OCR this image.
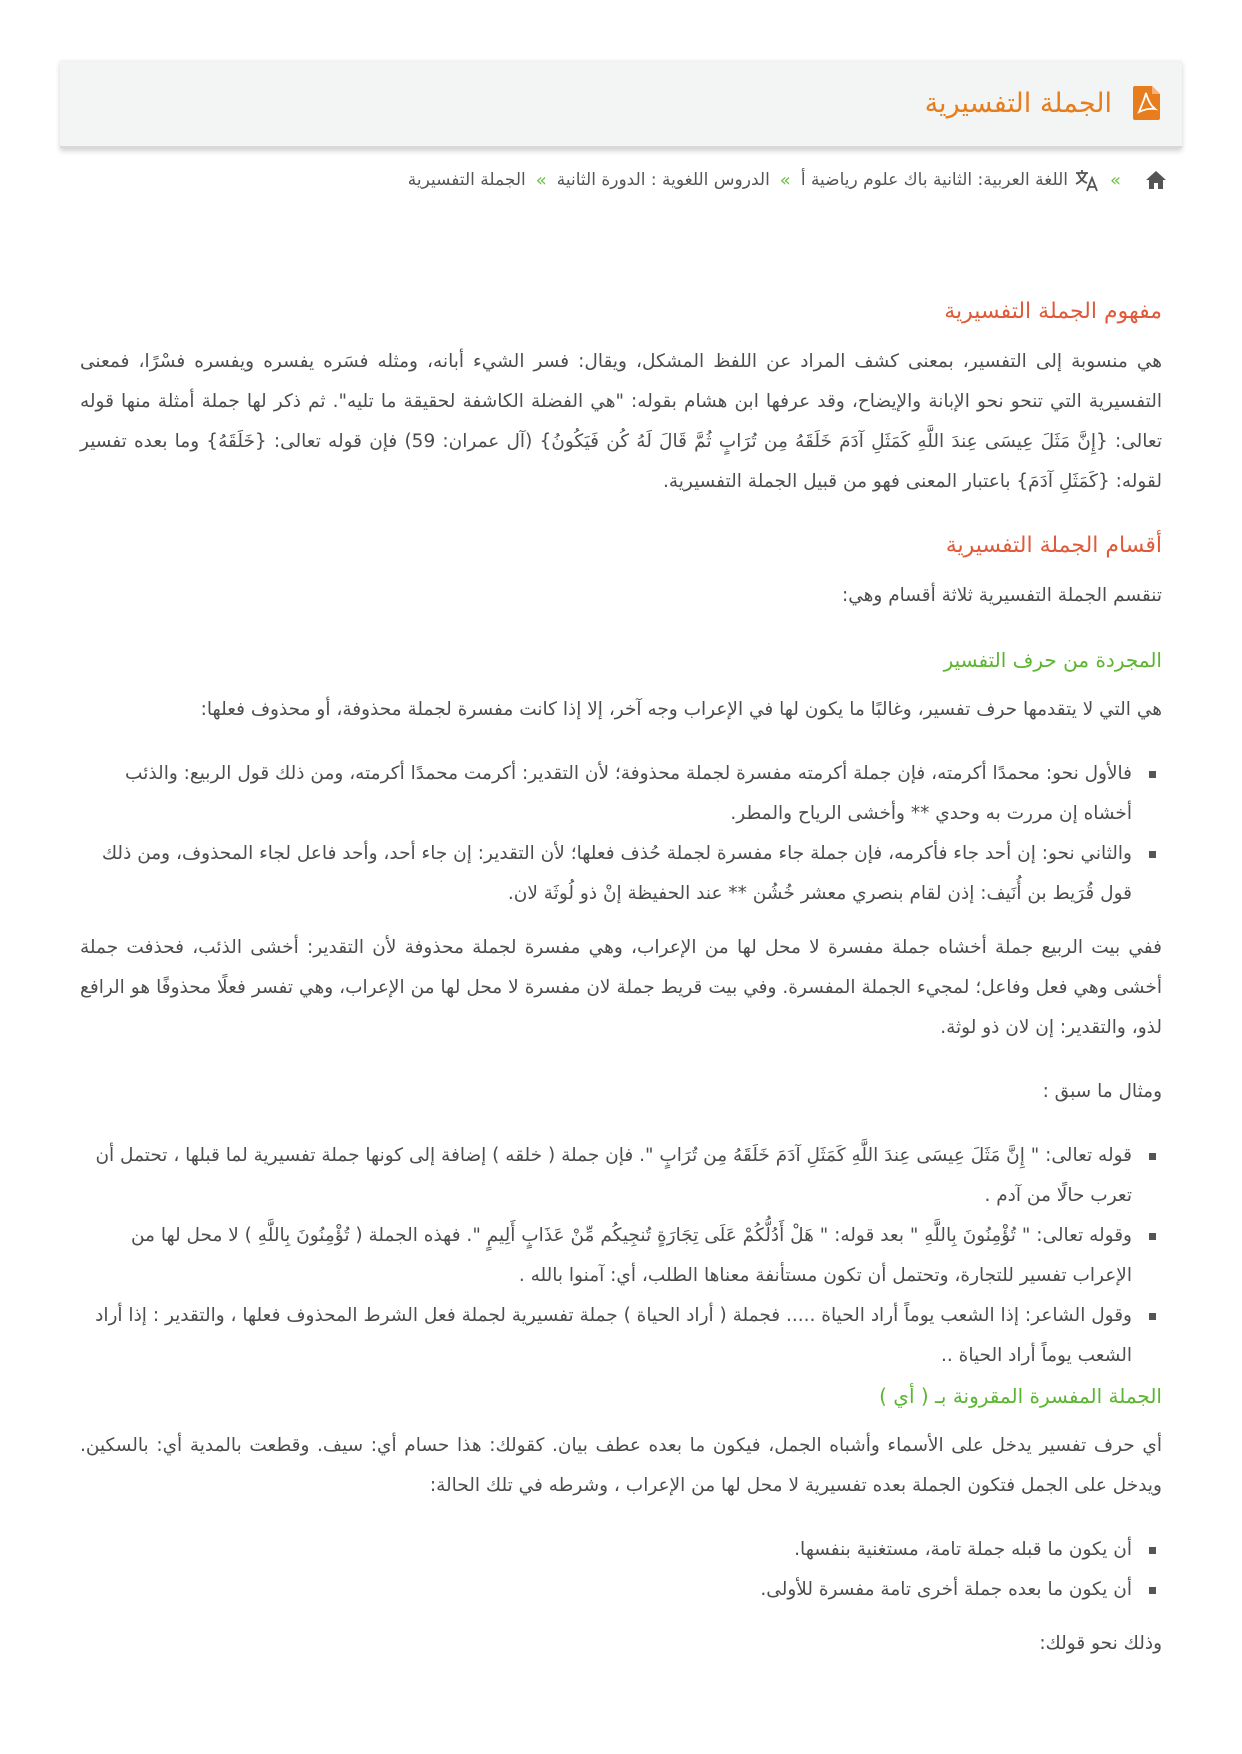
الجملة التفسيرية
»
اللغة العربية: الثانية باك علوم رياضية أ
»
الدروس اللغوية : الدورة الثانية
»
الجملة التفسيرية
مفهوم الجملة التفسيرية

هي منسوبة إلى التفسير، بمعنى كشف المراد عن اللفظ المشكل، ويقال: فسر الشيء أبانه، ومثله فسَره يفسره ويفسره فسْرًا، فمعنى التفسيرية التي تنحو نحو الإبانة والإيضاح، وقد عرفها ابن هشام بقوله: "هي الفضلة الكاشفة لحقيقة ما تليه". ثم ذكر لها جملة أمثلة منها قوله تعالى: {إِنَّ مَثَلَ عِيسَى عِندَ اللَّهِ كَمَثَلِ آدَمَ خَلَقَهُ مِن تُرَابٍ ثُمَّ قَالَ لَهُ كُن فَيَكُونُ} (آل عمران: 59) فإن قوله تعالى: {خَلَقَهُ} وما بعده تفسير لقوله: {كَمَثَلِ آدَمَ} باعتبار المعنى فهو من قبيل الجملة التفسيرية.

أقسام الجملة التفسيرية

تنقسم الجملة التفسيرية ثلاثة أقسام وهي:

المجردة من حرف التفسير

هي التي لا يتقدمها حرف تفسير، وغالبًا ما يكون لها في الإعراب وجه آخر، إلا إذا كانت مفسرة لجملة محذوفة، أو محذوف فعلها:

فالأول نحو: محمدًا أكرمته، فإن جملة أكرمته مفسرة لجملة محذوفة؛ لأن التقدير: أكرمت محمدًا أكرمته، ومن ذلك قول الربيع: والذئب أخشاه إن مررت به وحدي ** وأخشى الرياح والمطر.
والثاني نحو: إن أحد جاء فأكرمه، فإن جملة جاء مفسرة لجملة حُذف فعلها؛ لأن التقدير: إن جاء أحد، وأحد فاعل لجاء المحذوف، ومن ذلك قول قُرَيط بن أُنَيف: إذن لقام بنصري معشر خُشُن ** عند الحفيظة إنْ ذو لُوثَة لان.

ففي بيت الربيع جملة أخشاه جملة مفسرة لا محل لها من الإعراب، وهي مفسرة لجملة محذوفة لأن التقدير: أخشى الذئب، فحذفت جملة أخشى وهي فعل وفاعل؛ لمجيء الجملة المفسرة. وفي بيت قريط جملة لان مفسرة لا محل لها من الإعراب، وهي تفسر فعلًا محذوفًا هو الرافع لذو، والتقدير: إن لان ذو لوثة.

ومثال ما سبق :

قوله تعالى: " إِنَّ مَثَلَ عِيسَى عِندَ اللَّهِ كَمَثَلِ آدَمَ خَلَقَهُ مِن تُرَابٍ ". فإن جملة ( خلقه ) إضافة إلى كونها جملة تفسيرية لما قبلها ، تحتمل أن تعرب حالًا من آدم .
وقوله تعالى: " تُؤْمِنُونَ بِاللَّهِ " بعد قوله: " هَلْ أَدُلُّكُمْ عَلَى تِجَارَةٍ تُنجِيكُم مِّنْ عَذَابٍ أَلِيمٍ ". فهذه الجملة ( تُؤْمِنُونَ بِاللَّهِ ) لا محل لها من الإعراب تفسير للتجارة، وتحتمل أن تكون مستأنفة معناها الطلب، أي: آمنوا بالله .
وقول الشاعر: إذا الشعب يوماً أراد الحياة ..... فجملة ( أراد الحياة ) جملة تفسيرية لجملة فعل الشرط المحذوف فعلها ، والتقدير : إذا أراد الشعب يوماً أراد الحياة ..
الجملة المفسرة المقرونة بـ ( أي )

أي حرف تفسير يدخل على الأسماء وأشباه الجمل، فيكون ما بعده عطف بيان. كقولك: هذا حسام أي: سيف. وقطعت بالمدية أي: بالسكين. ويدخل على الجمل فتكون الجملة بعده تفسيرية لا محل لها من الإعراب ، وشرطه في تلك الحالة:

أن يكون ما قبله جملة تامة، مستغنية بنفسها.
أن يكون ما بعده جملة أخرى تامة مفسرة للأولى.

وذلك نحو قولك:
